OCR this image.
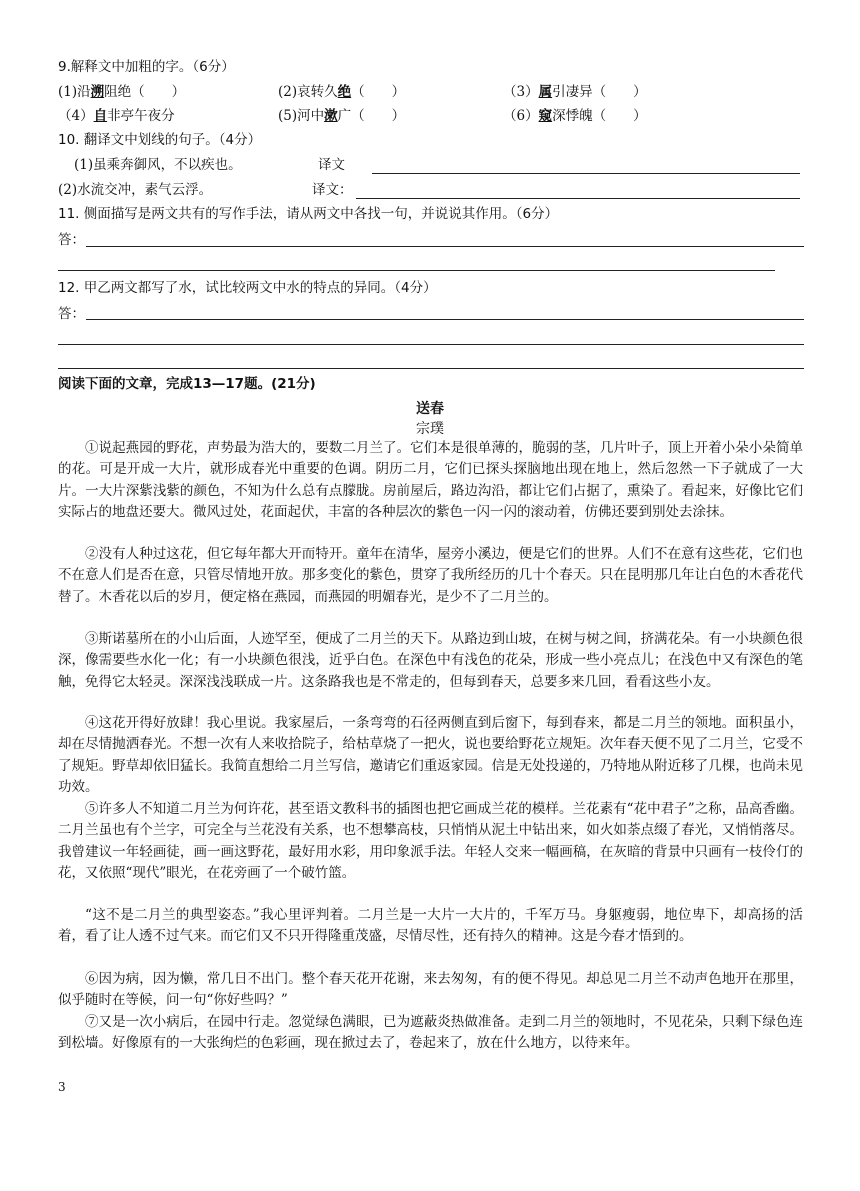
9.解释文中加粗的字。（6分）
(1)沿溯阻绝（　　）	(2)哀转久绝（　　）	（3）属引凄异（　　）
（4）自非亭午夜分	(5)河中漱广（　　）	（6）窥深悸魄（　　）
10. 翻译文中划线的句子。（4分）
(1)虽乘奔御风，不以疾也。	译文
(2)水流交冲，素气云浮。	译文：
11. 侧面描写是两文共有的写作手法，请从两文中各找一句，并说说其作用。（6分）
答：
12. 甲乙两文都写了水，试比较两文中水的特点的异同。（4分）
答：
阅读下面的文章，完成13—17题。(21分)
送春
宗璞
①说起燕园的野花，声势最为浩大的，要数二月兰了。它们本是很单薄的，脆弱的茎，几片叶子，顶上开着小朵小朵简单的花。可是开成一大片，就形成春光中重要的色调。阴历二月，它们已探头探脑地出现在地上，然后忽然一下子就成了一大片。一大片深紫浅紫的颜色，不知为什么总有点朦胧。房前屋后，路边沟沿，都让它们占据了，熏染了。看起来，好像比它们实际占的地盘还要大。微风过处，花面起伏，丰富的各种层次的紫色一闪一闪的滚动着，仿佛还要到别处去涂抹。
②没有人种过这花，但它每年都大开而特开。童年在清华，屋旁小溪边，便是它们的世界。人们不在意有这些花，它们也不在意人们是否在意，只管尽情地开放。那多变化的紫色，贯穿了我所经历的几十个春天。只在昆明那几年让白色的木香花代替了。木香花以后的岁月，便定格在燕园，而燕园的明媚春光，是少不了二月兰的。
③斯诺墓所在的小山后面，人迹罕至，便成了二月兰的天下。从路边到山坡，在树与树之间，挤满花朵。有一小块颜色很深，像需要些水化一化；有一小块颜色很浅，近乎白色。在深色中有浅色的花朵，形成一些小亮点儿；在浅色中又有深色的笔触，免得它太轻灵。深深浅浅联成一片。这条路我也是不常走的，但每到春天，总要多来几回，看看这些小友。
④这花开得好放肆！我心里说。我家屋后，一条弯弯的石径两侧直到后窗下，每到春来，都是二月兰的领地。面积虽小，却在尽情抛洒春光。不想一次有人来收拾院子，给枯草烧了一把火，说也要给野花立规矩。次年春天便不见了二月兰，它受不了规矩。野草却依旧猛长。我简直想给二月兰写信，邀请它们重返家园。信是无处投递的，乃特地从附近移了几棵，也尚未见功效。
⑤许多人不知道二月兰为何许花，甚至语文教科书的插图也把它画成兰花的模样。兰花素有“花中君子”之称，品高香幽。二月兰虽也有个兰字，可完全与兰花没有关系，也不想攀高枝，只悄悄从泥土中钻出来，如火如荼点缀了春光，又悄悄落尽。我曾建议一年轻画徒，画一画这野花，最好用水彩，用印象派手法。年轻人交来一幅画稿，在灰暗的背景中只画有一枝伶仃的花，又依照“现代”眼光，在花旁画了一个破竹篮。
“这不是二月兰的典型姿态。”我心里评判着。二月兰是一大片一大片的，千军万马。身躯瘦弱，地位卑下，却高扬的活着，看了让人透不过气来。而它们又不只开得隆重茂盛，尽情尽性，还有持久的精神。这是今春才悟到的。
⑥因为病，因为懒，常几日不出门。整个春天花开花谢，来去匆匆，有的便不得见。却总见二月兰不动声色地开在那里，似乎随时在等候，问一句“你好些吗？”
⑦又是一次小病后，在园中行走。忽觉绿色满眼，已为遮蔽炎热做准备。走到二月兰的领地时，不见花朵，只剩下绿色连到松墙。好像原有的一大张绚烂的色彩画，现在掀过去了，卷起来了，放在什么地方，以待来年。
3
